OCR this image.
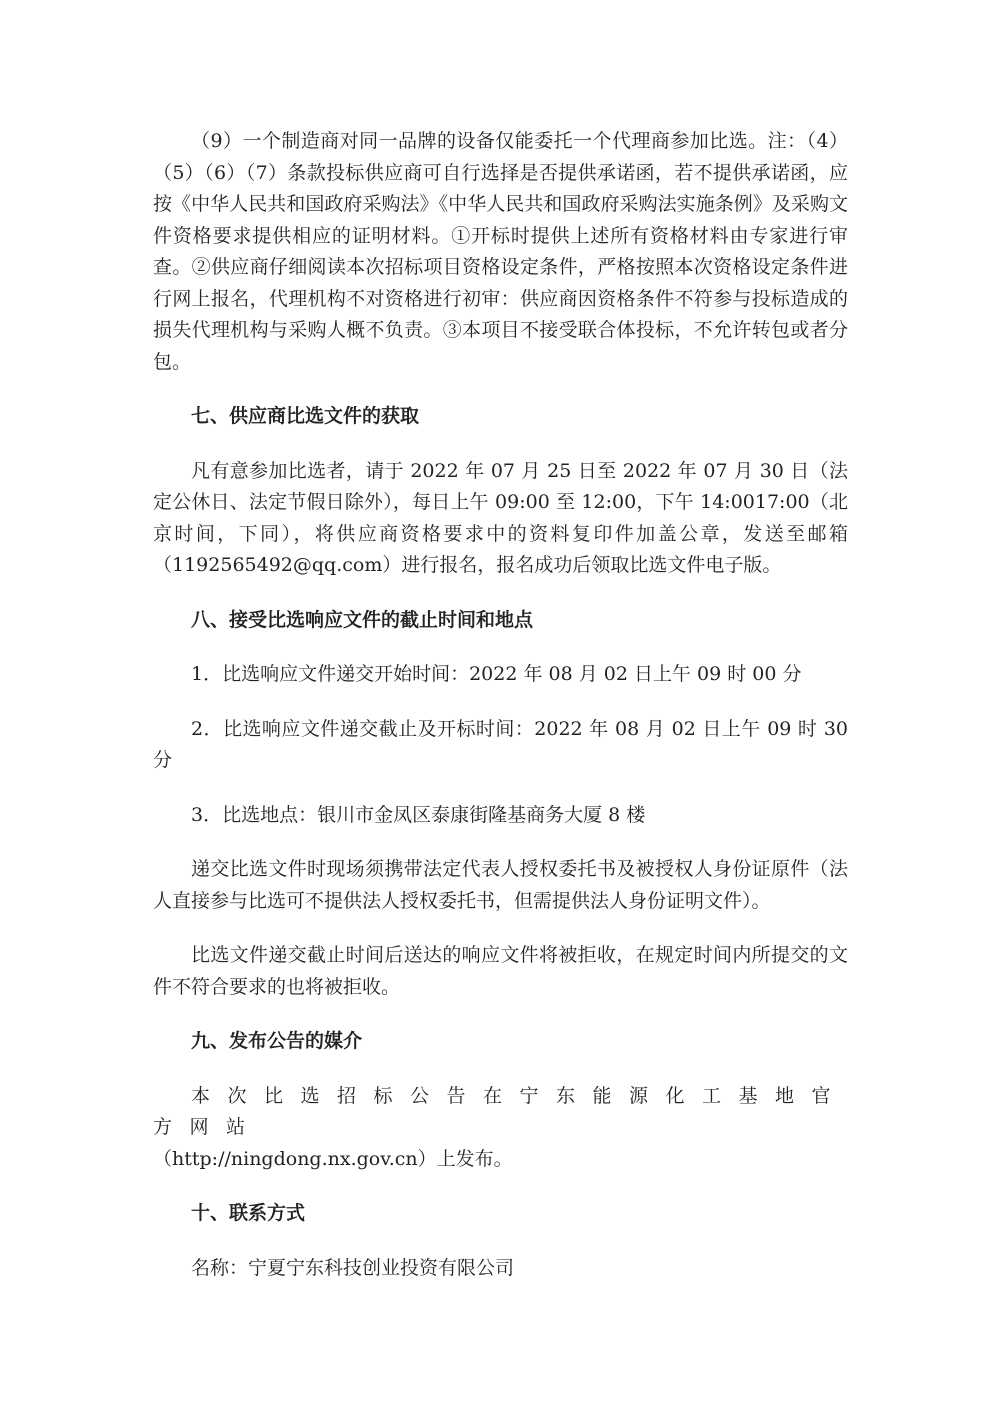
（9）一个制造商对同一品牌的设备仅能委托一个代理商参加比选。注：（4）（5）（6）（7）条款投标供应商可自行选择是否提供承诺函，若不提供承诺函，应按《中华人民共和国政府采购法》《中华人民共和国政府采购法实施条例》及采购文件资格要求提供相应的证明材料。①开标时提供上述所有资格材料由专家进行审查。②供应商仔细阅读本次招标项目资格设定条件，严格按照本次资格设定条件进行网上报名，代理机构不对资格进行初审：供应商因资格条件不符参与投标造成的损失代理机构与采购人概不负责。③本项目不接受联合体投标，不允许转包或者分包。

七、供应商比选文件的获取

凡有意参加比选者，请于 2022 年 07 月 25 日至 2022 年 07 月 30 日（法定公休日、法定节假日除外），每日上午 09:00 至 12:00，下午 14:0017:00（北京时间，下同），将供应商资格要求中的资料复印件加盖公章，发送至邮箱（1192565492@qq.com）进行报名，报名成功后领取比选文件电子版。

八、接受比选响应文件的截止时间和地点

1．比选响应文件递交开始时间：2022 年 08 月 02 日上午 09 时 00 分

2．比选响应文件递交截止及开标时间：2022 年 08 月 02 日上午 09 时 30 分

3．比选地点：银川市金凤区泰康街隆基商务大厦 8 楼

递交比选文件时现场须携带法定代表人授权委托书及被授权人身份证原件（法人直接参与比选可不提供法人授权委托书，但需提供法人身份证明文件）。

比选文件递交截止时间后送达的响应文件将被拒收，在规定时间内所提交的文件不符合要求的也将被拒收。

九、发布公告的媒介

本次比选招标公告在宁东能源化工基地官方网站

（http://ningdong.nx.gov.cn）上发布。

十、联系方式

名称：宁夏宁东科技创业投资有限公司
